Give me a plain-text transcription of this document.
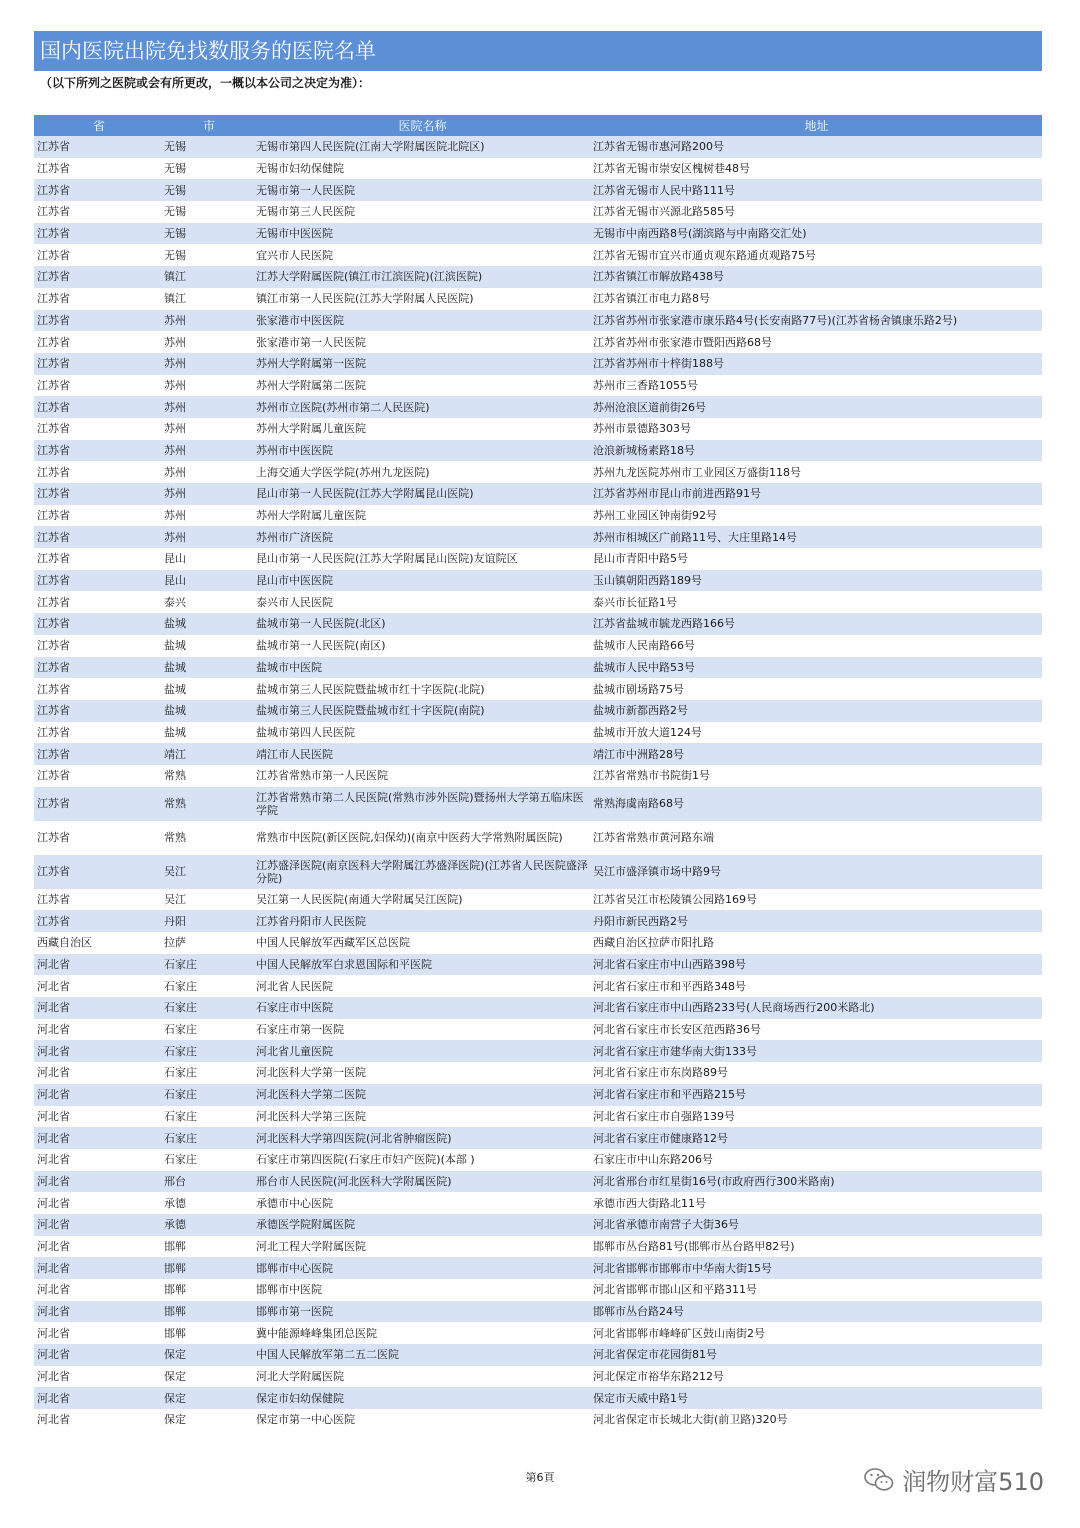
国内医院出院免找数服务的医院名单
（以下所列之医院或会有所更改，一概以本公司之决定为准）：
省	市	医院名称	地址
江苏省	无锡	无锡市第四人民医院(江南大学附属医院北院区)	江苏省无锡市惠河路200号
江苏省	无锡	无锡市妇幼保健院	江苏省无锡市崇安区槐树巷48号
江苏省	无锡	无锡市第一人民医院	江苏省无锡市人民中路111号
江苏省	无锡	无锡市第三人民医院	江苏省无锡市兴源北路585号
江苏省	无锡	无锡市中医医院	无锡市中南西路8号(湖滨路与中南路交汇处)
江苏省	无锡	宜兴市人民医院	江苏省无锡市宜兴市通贞观东路通贞观路75号
江苏省	镇江	江苏大学附属医院(镇江市江滨医院)(江滨医院)	江苏省镇江市解放路438号
江苏省	镇江	镇江市第一人民医院(江苏大学附属人民医院)	江苏省镇江市电力路8号
江苏省	苏州	张家港市中医医院	江苏省苏州市张家港市康乐路4号(长安南路77号)(江苏省杨舍镇康乐路2号)
江苏省	苏州	张家港市第一人民医院	江苏省苏州市张家港市暨阳西路68号
江苏省	苏州	苏州大学附属第一医院	江苏省苏州市十梓街188号
江苏省	苏州	苏州大学附属第二医院	苏州市三香路1055号
江苏省	苏州	苏州市立医院(苏州市第二人民医院)	苏州沧浪区道前街26号
江苏省	苏州	苏州大学附属儿童医院	苏州市景德路303号
江苏省	苏州	苏州市中医医院	沧浪新城杨素路18号
江苏省	苏州	上海交通大学医学院(苏州九龙医院)	苏州九龙医院苏州市工业园区万盛街118号
江苏省	苏州	昆山市第一人民医院(江苏大学附属昆山医院)	江苏省苏州市昆山市前进西路91号
江苏省	苏州	苏州大学附属儿童医院	苏州工业园区钟南街92号
江苏省	苏州	苏州市广济医院	苏州市相城区广前路11号、大庄里路14号
江苏省	昆山	昆山市第一人民医院(江苏大学附属昆山医院)友谊院区	昆山市青阳中路5号
江苏省	昆山	昆山市中医医院	玉山镇朝阳西路189号
江苏省	泰兴	泰兴市人民医院	泰兴市长征路1号
江苏省	盐城	盐城市第一人民医院(北区)	江苏省盐城市毓龙西路166号
江苏省	盐城	盐城市第一人民医院(南区)	盐城市人民南路66号
江苏省	盐城	盐城市中医院	盐城市人民中路53号
江苏省	盐城	盐城市第三人民医院暨盐城市红十字医院(北院)	盐城市剧场路75号
江苏省	盐城	盐城市第三人民医院暨盐城市红十字医院(南院)	盐城市新都西路2号
江苏省	盐城	盐城市第四人民医院	盐城市开放大道124号
江苏省	靖江	靖江市人民医院	靖江市中洲路28号
江苏省	常熟	江苏省常熟市第一人民医院	江苏省常熟市书院街1号
江苏省	常熟	江苏省常熟市第二人民医院(常熟市涉外医院)暨扬州大学第五临床医学院	常熟海虞南路68号
江苏省	常熟	常熟市中医院(新区医院,妇保幼)(南京中医药大学常熟附属医院)	江苏省常熟市黄河路东端
江苏省	吴江	江苏盛泽医院(南京医科大学附属江苏盛泽医院)(江苏省人民医院盛泽分院)	吴江市盛泽镇市场中路9号
江苏省	吴江	吴江第一人民医院(南通大学附属吴江医院)	江苏省吴江市松陵镇公园路169号
江苏省	丹阳	江苏省丹阳市人民医院	丹阳市新民西路2号
西藏自治区	拉萨	中国人民解放军西藏军区总医院	西藏自治区拉萨市阳扎路
河北省	石家庄	中国人民解放军白求恩国际和平医院	河北省石家庄市中山西路398号
河北省	石家庄	河北省人民医院	河北省石家庄市和平西路348号
河北省	石家庄	石家庄市中医院	河北省石家庄市中山西路233号(人民商场西行200米路北)
河北省	石家庄	石家庄市第一医院	河北省石家庄市长安区范西路36号
河北省	石家庄	河北省儿童医院	河北省石家庄市建华南大街133号
河北省	石家庄	河北医科大学第一医院	河北省石家庄市东岗路89号
河北省	石家庄	河北医科大学第二医院	河北省石家庄市和平西路215号
河北省	石家庄	河北医科大学第三医院	河北省石家庄市自强路139号
河北省	石家庄	河北医科大学第四医院(河北省肿瘤医院)	河北省石家庄市健康路12号
河北省	石家庄	石家庄市第四医院(石家庄市妇产医院)(本部 )	石家庄市中山东路206号
河北省	邢台	邢台市人民医院(河北医科大学附属医院)	河北省邢台市红星街16号(市政府西行300米路南)
河北省	承德	承德市中心医院	承德市西大街路北11号
河北省	承德	承德医学院附属医院	河北省承德市南营子大街36号
河北省	邯郸	河北工程大学附属医院	邯郸市丛台路81号(邯郸市丛台路甲82号)
河北省	邯郸	邯郸市中心医院	河北省邯郸市邯郸市中华南大街15号
河北省	邯郸	邯郸市中医院	河北省邯郸市邯山区和平路311号
河北省	邯郸	邯郸市第一医院	邯郸市丛台路24号
河北省	邯郸	冀中能源峰峰集团总医院	河北省邯郸市峰峰矿区鼓山南街2号
河北省	保定	中国人民解放军第二五二医院	河北省保定市花园街81号
河北省	保定	河北大学附属医院	河北保定市裕华东路212号
河北省	保定	保定市妇幼保健院	保定市天威中路1号
河北省	保定	保定市第一中心医院	河北省保定市长城北大街(前卫路)320号
第6頁	润物财富510
